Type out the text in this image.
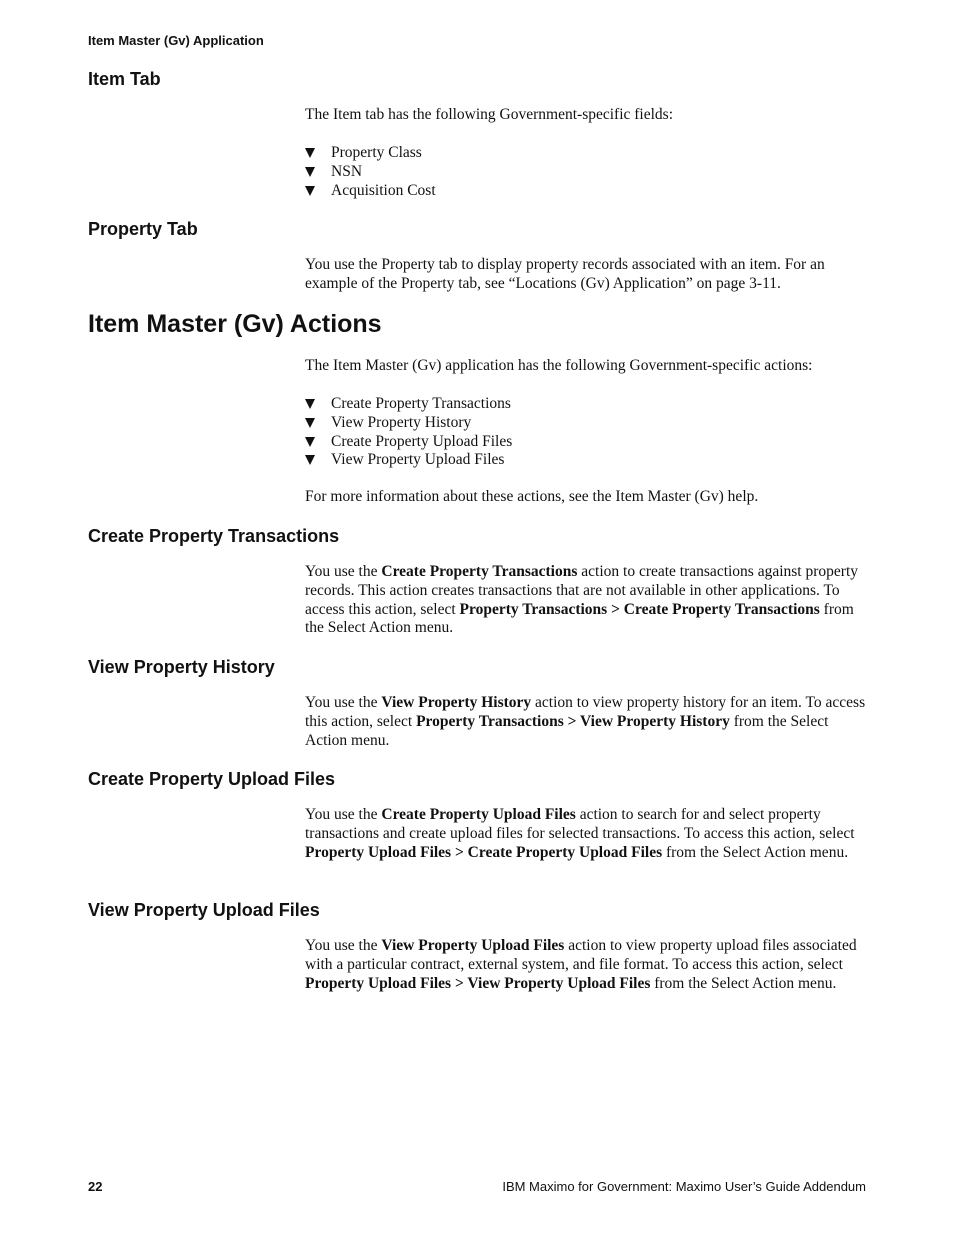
Item Master (Gv) Application
Item Tab

The Item tab has the following Government-specific fields:

Property Class
NSN
Acquisition Cost
Property Tab

You use the Property tab to display property records associated with an item. For an example of the Property tab, see “Locations (Gv) Application” on page 3-11.

Item Master (Gv) Actions

The Item Master (Gv) application has the following Government-specific actions:

Create Property Transactions
View Property History
Create Property Upload Files
View Property Upload Files

For more information about these actions, see the Item Master (Gv) help.

Create Property Transactions

You use the Create Property Transactions action to create transactions against property records. This action creates transactions that are not available in other applications. To access this action, select Property Transactions > Create Property Transactions from the Select Action menu.

View Property History

You use the View Property History action to view property history for an item. To access this action, select Property Transactions > View Property History from the Select Action menu.

Create Property Upload Files

You use the Create Property Upload Files action to search for and select property transactions and create upload files for selected transactions. To access this action, select Property Upload Files > Create Property Upload Files from the Select Action menu.

View Property Upload Files

You use the View Property Upload Files action to view property upload files associated with a particular contract, external system, and file format. To access this action, select Property Upload Files > View Property Upload Files from the Select Action menu.

22	IBM Maximo for Government: Maximo User’s Guide Addendum
